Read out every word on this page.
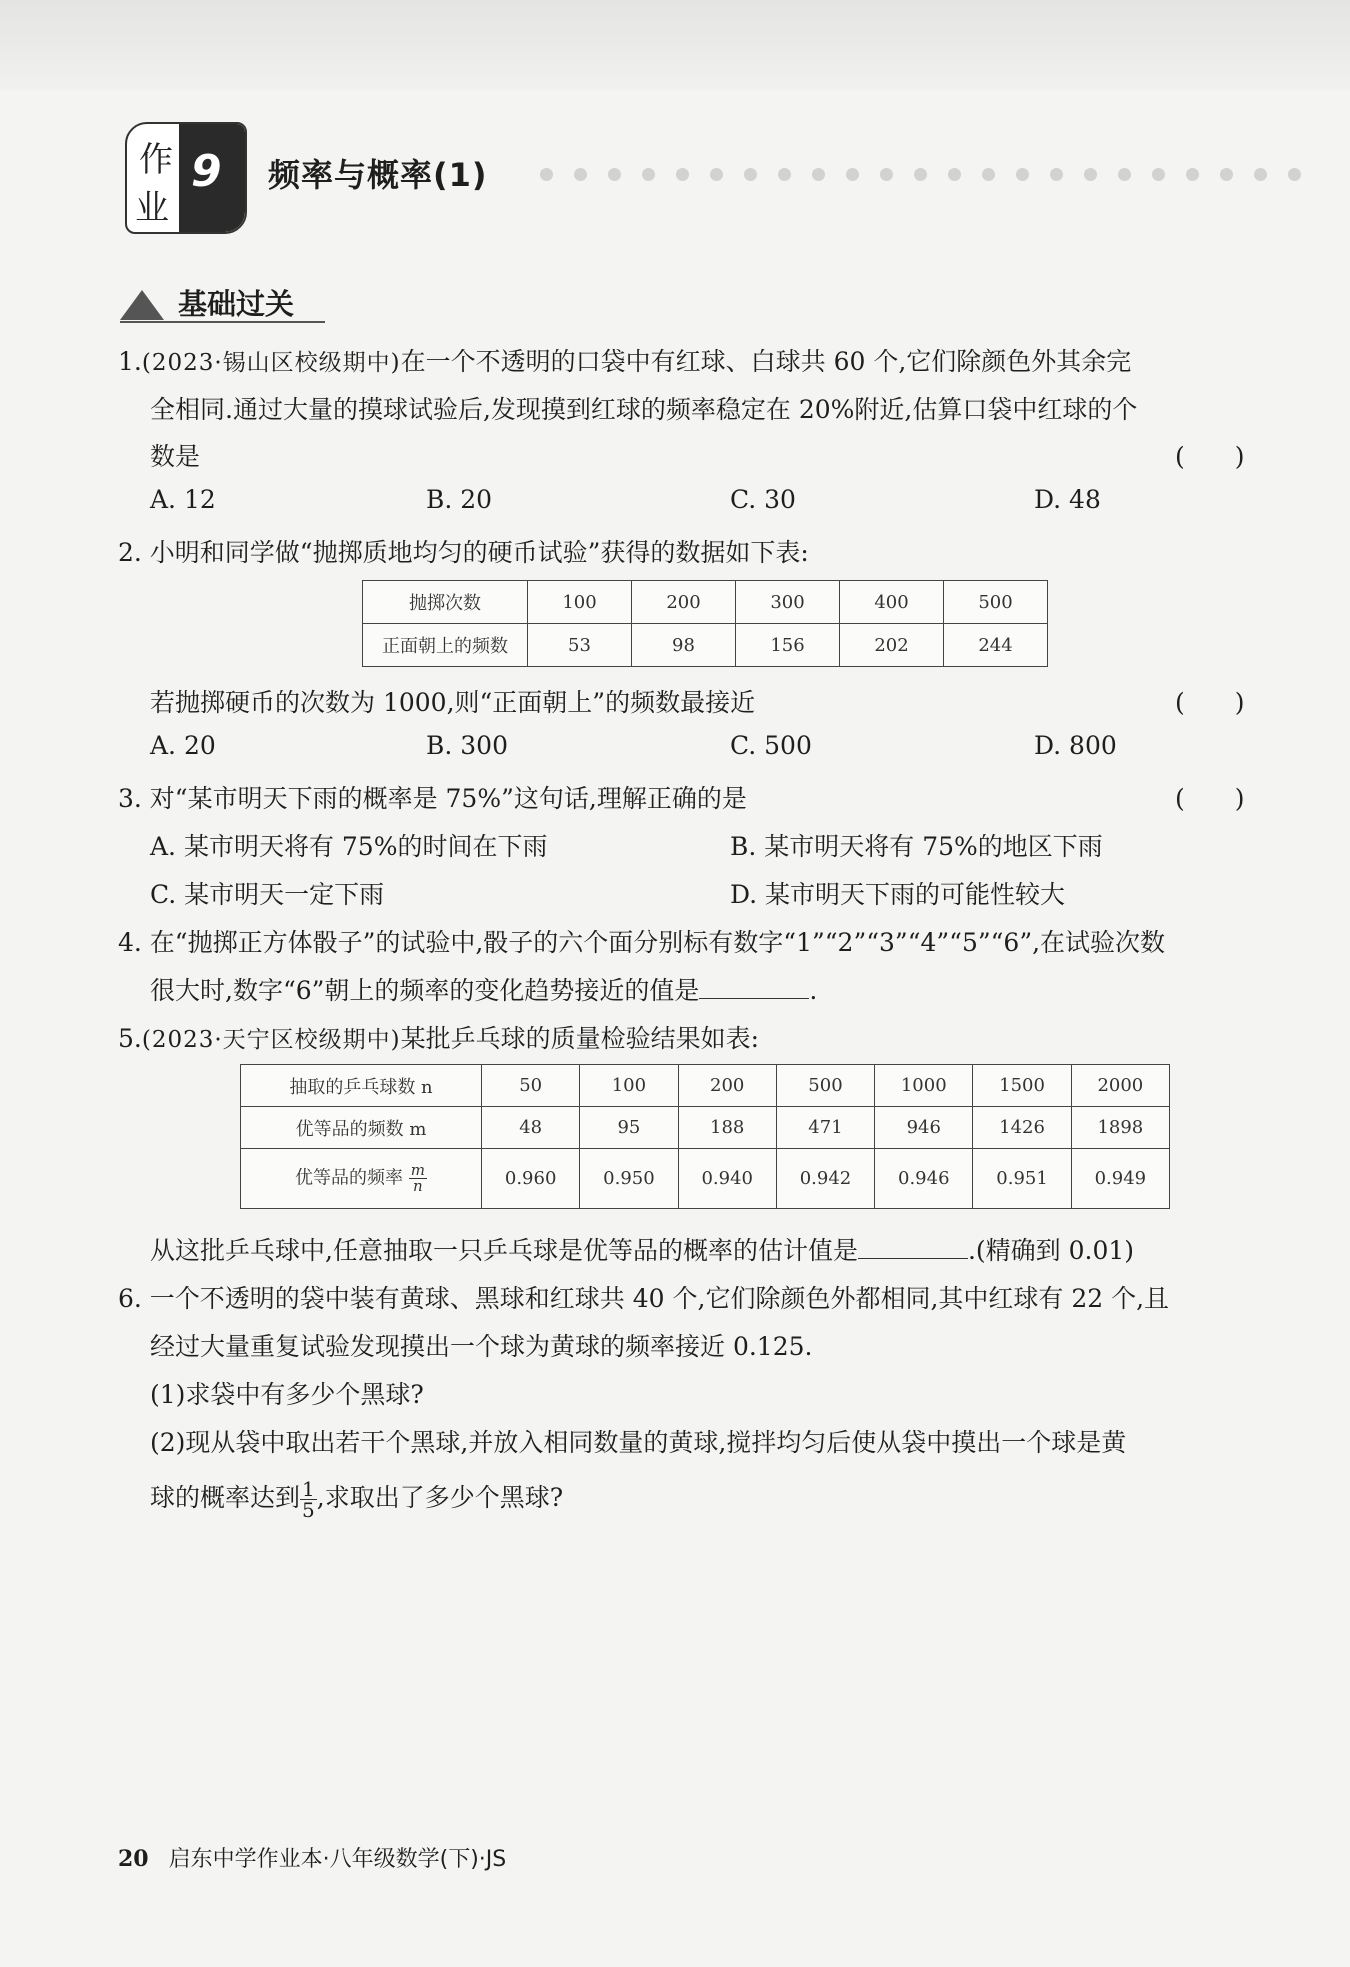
作
业
9 频率与概率(1)
基础过关
1.(2023·锡山区校级期中)在一个不透明的口袋中有红球、白球共 60 个,它们除颜色外其余完
全相同.通过大量的摸球试验后,发现摸到红球的频率稳定在 20%附近,估算口袋中红球的个
数是	(　　)
A. 12	B. 20	C. 30	D. 48
2. 小明和同学做“抛掷质地均匀的硬币试验”获得的数据如下表:
抛掷次数	100	200	300	400	500
正面朝上的频数	53	98	156	202	244
若抛掷硬币的次数为 1000,则“正面朝上”的频数最接近	(　　)
A. 20	B. 300	C. 500	D. 800
3. 对“某市明天下雨的概率是 75%”这句话,理解正确的是	(　　)
A. 某市明天将有 75%的时间在下雨	B. 某市明天将有 75%的地区下雨
C. 某市明天一定下雨	D. 某市明天下雨的可能性较大
4. 在“抛掷正方体骰子”的试验中,骰子的六个面分别标有数字“1”“2”“3”“4”“5”“6”,在试验次数
很大时,数字“6”朝上的频率的变化趋势接近的值是	.
5.(2023·天宁区校级期中)某批乒乓球的质量检验结果如表:
抽取的乒乓球数 n	50	100	200	500	1000	1500	2000
优等品的频数 m	48	95	188	471	946	1426	1898
优等品的频率 $\frac{m}{n}$	0.960	0.950	0.940	0.942	0.946	0.951	0.949
从这批乒乓球中,任意抽取一只乒乓球是优等品的概率的估计值是	.(精确到 0.01)
6. 一个不透明的袋中装有黄球、黑球和红球共 40 个,它们除颜色外都相同,其中红球有 22 个,且
经过大量重复试验发现摸出一个球为黄球的频率接近 0.125.
(1)求袋中有多少个黑球?
(2)现从袋中取出若干个黑球,并放入相同数量的黄球,搅拌均匀后使从袋中摸出一个球是黄
球的概率达到 $\frac{1}{5}$ ,求取出了多少个黑球?
20 启东中学作业本·八年级数学(下)·JS
